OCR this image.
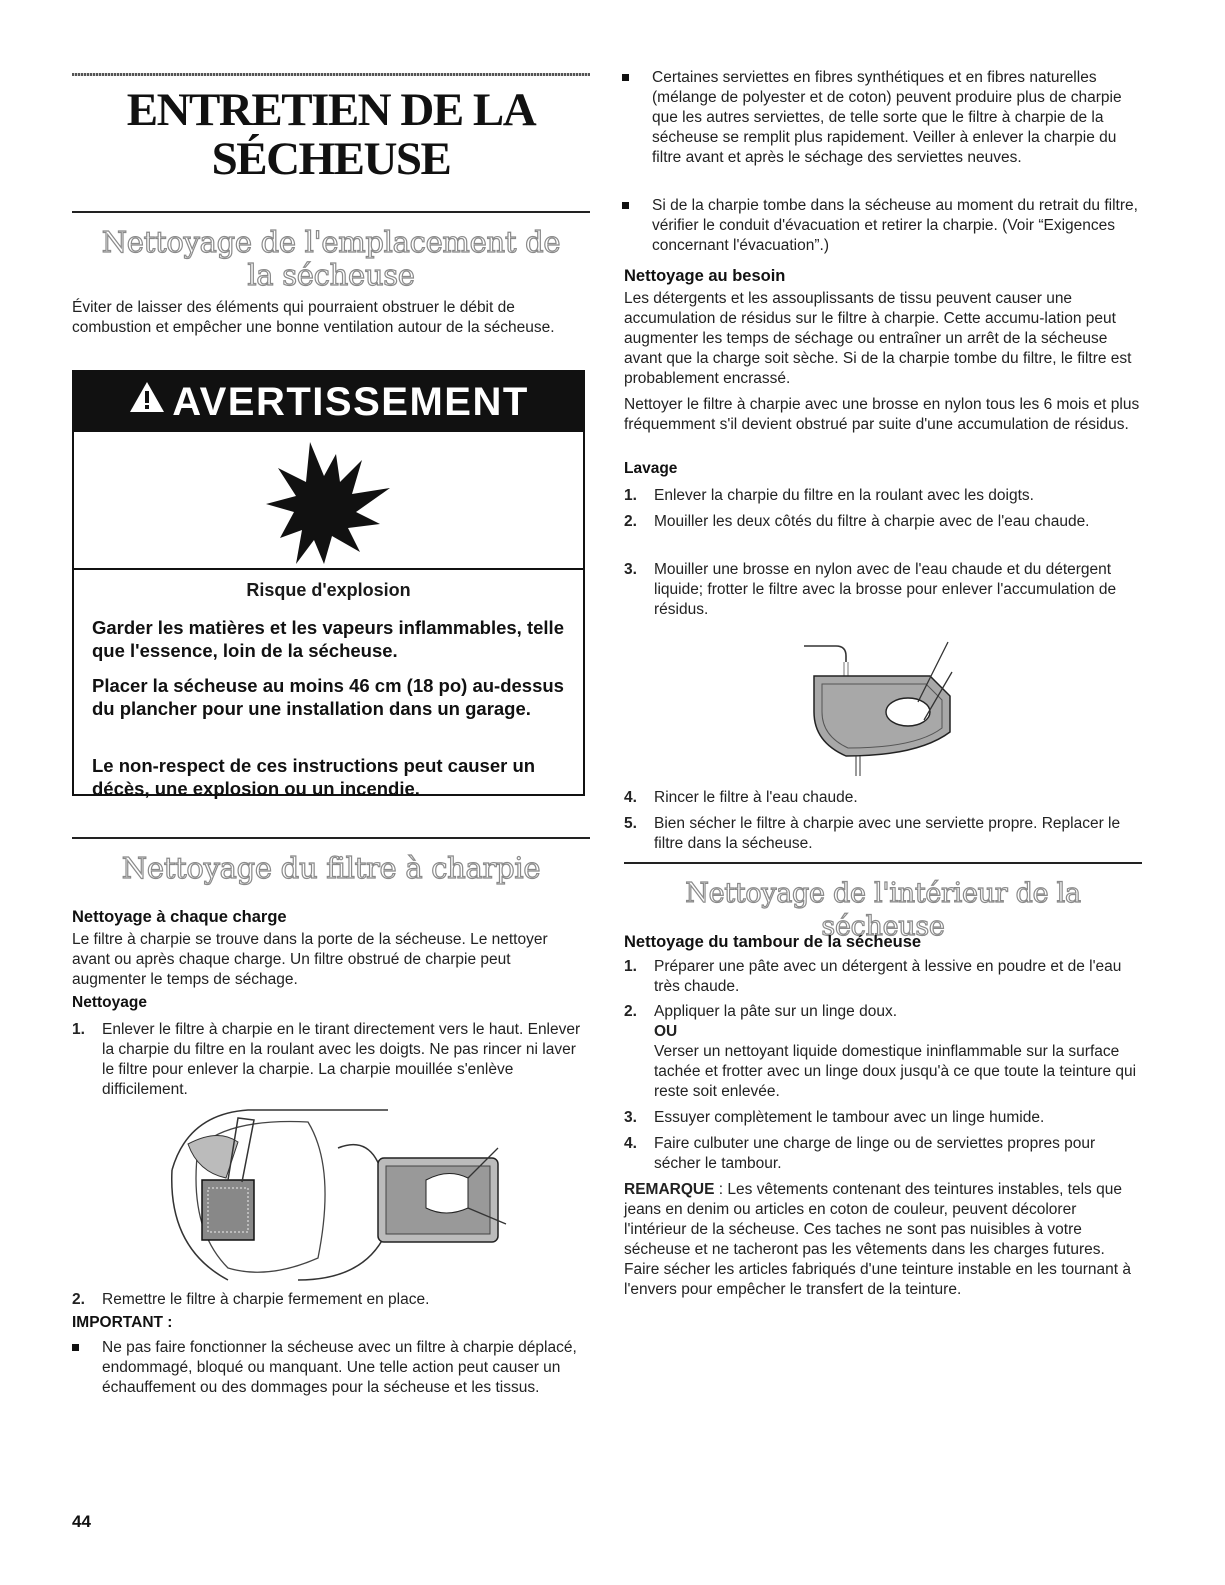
ENTRETIEN DE LA
SÉCHEUSE
Nettoyage de l'emplacement de
la sécheuse
Éviter de laisser des éléments qui pourraient obstruer le débit de combustion et empêcher une bonne ventilation autour de la sécheuse.
AVERTISSEMENT
Risque d'explosion
Garder les matières et les vapeurs inflammables, telle que l'essence, loin de la sécheuse.
Placer la sécheuse au moins 46 cm (18 po) au-dessus du plancher pour une installation dans un garage.
Le non-respect de ces instructions peut causer un décès, une explosion ou un incendie.
Nettoyage du filtre à charpie
Nettoyage à chaque charge
Le filtre à charpie se trouve dans la porte de la sécheuse. Le nettoyer avant ou après chaque charge. Un filtre obstrué de charpie peut augmenter le temps de séchage.
Nettoyage
1. Enlever le filtre à charpie en le tirant directement vers le haut. Enlever la charpie du filtre en la roulant avec les doigts. Ne pas rincer ni laver le filtre pour enlever la charpie. La charpie mouillée s'enlève difficilement.
2. Remettre le filtre à charpie fermement en place.
IMPORTANT :
Ne pas faire fonctionner la sécheuse avec un filtre à charpie déplacé, endommagé, bloqué ou manquant. Une telle action peut causer un échauffement ou des dommages pour la sécheuse et les tissus.
44
Certaines serviettes en fibres synthétiques et en fibres naturelles (mélange de polyester et de coton) peuvent produire plus de charpie que les autres serviettes, de telle sorte que le filtre à charpie de la sécheuse se remplit plus rapidement. Veiller à enlever la charpie du filtre avant et après le séchage des serviettes neuves.
Si de la charpie tombe dans la sécheuse au moment du retrait du filtre, vérifier le conduit d'évacuation et retirer la charpie. (Voir “Exigences concernant l'évacuation”.)
Nettoyage au besoin
Les détergents et les assouplissants de tissu peuvent causer une accumulation de résidus sur le filtre à charpie. Cette accumu-lation peut augmenter les temps de séchage ou entraîner un arrêt de la sécheuse avant que la charge soit sèche. Si de la charpie tombe du filtre, le filtre est probablement encrassé.
Nettoyer le filtre à charpie avec une brosse en nylon tous les 6 mois et plus fréquemment s'il devient obstrué par suite d'une accumulation de résidus.
Lavage
1. Enlever la charpie du filtre en la roulant avec les doigts.
2. Mouiller les deux côtés du filtre à charpie avec de l'eau chaude.
3. Mouiller une brosse en nylon avec de l'eau chaude et du détergent liquide; frotter le filtre avec la brosse pour enlever l'accumulation de résidus.
4. Rincer le filtre à l'eau chaude.
5. Bien sécher le filtre à charpie avec une serviette propre. Replacer le filtre dans la sécheuse.
Nettoyage de l'intérieur de la sécheuse
Nettoyage du tambour de la sécheuse
1. Préparer une pâte avec un détergent à lessive en poudre et de l'eau très chaude.
2. Appliquer la pâte sur un linge doux.
OU
Verser un nettoyant liquide domestique ininflammable sur la surface tachée et frotter avec un linge doux jusqu'à ce que toute la teinture qui reste soit enlevée.
3. Essuyer complètement le tambour avec un linge humide.
4. Faire culbuter une charge de linge ou de serviettes propres pour sécher le tambour.
REMARQUE : Les vêtements contenant des teintures instables, tels que jeans en denim ou articles en coton de couleur, peuvent décolorer l'intérieur de la sécheuse. Ces taches ne sont pas nuisibles à votre sécheuse et ne tacheront pas les vêtements dans les charges futures. Faire sécher les articles fabriqués d'une teinture instable en les tournant à l'envers pour empêcher le transfert de la teinture.
